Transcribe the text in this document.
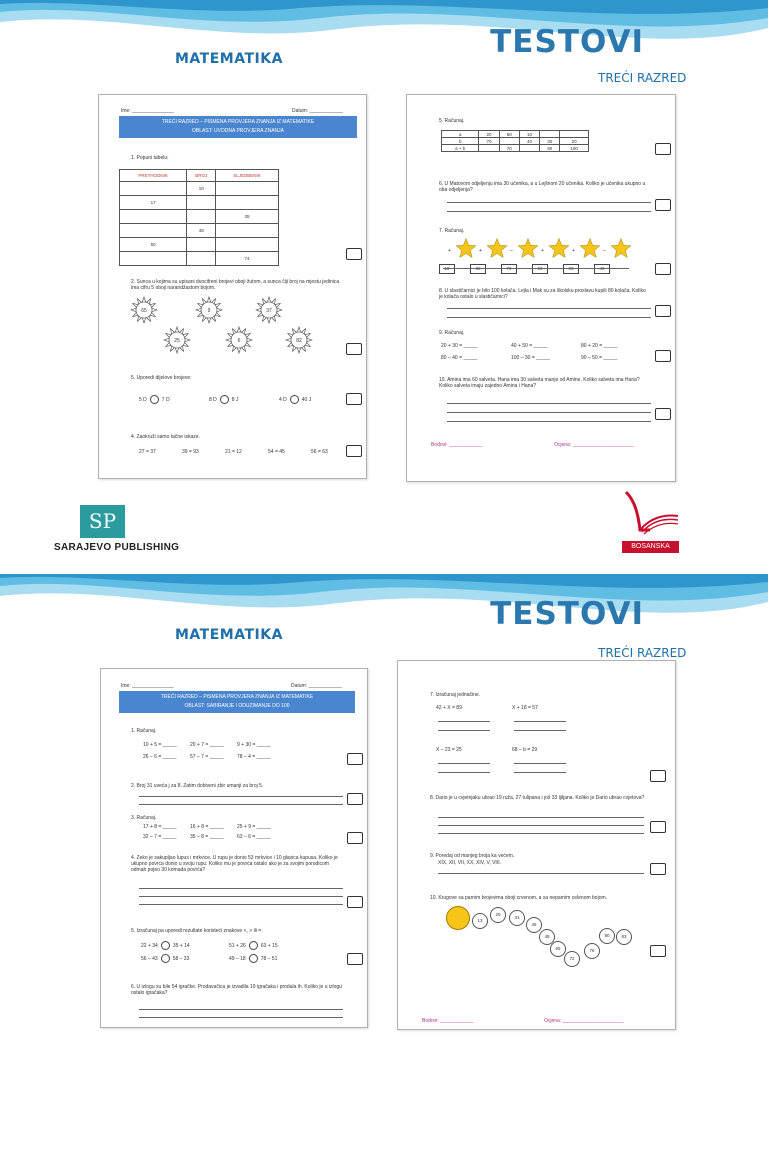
TESTOVI
MATEMATIKA
TREĆI RAZRED
Ime: _______________	Datum: ____________
TREĆI RAZRED – PISMENA PROVJERA ZNANJA IZ MATEMATIKE
OBLAST: UVODNA PROVJERA ZNANJA
1. Popuni tabelu:
PRETHODNIK	BROJ	SLJEDBENIK
	10	
17		
		35
	48	
50		
		74
2. Sunca u kojima su upisani dvocifreni brojevi oboji žutom, a sunca čiji broj na mjestu jedinica ima cifru 5 oboji narandžastom bojom.
65	9	37
25	6	82
5. Uporedi dijelove brojeve:
5 D	7 D	8 D	8 J	4 D	40 J
4. Zaokruži samo tačne iskaze.
27 = 37	39 = 93	21 = 12	54 = 45	56 = 63
5. Računaj.
a	20	50	10		
b	70		40	30	20
a + b		70		80	100
6. U Matovom odjeljenju ima 30 učenika, a u Lejlinom 20 učenika. Koliko je učenika ukupno u oba odjeljenja?
7. Računaj.
+	+	–	+	+	–
10	30	70	50	90	40
8. U slastičarnici je bilo 100 kolača. Lejla i Mak su za školsku proslavu kupili 80 kolača. Koliko je kolača ostalo u slastičarnici?
9. Računaj.
20 + 30 = _____	40 + 50 = _____	80 + 20 = _____
80 – 40 = _____	100 – 30 = _____	90 – 50 = _____
10. Amina ima 60 salveta. Hana ima 30 salveta manje od Amine. Koliko salveta ima Hana? Koliko salveta imaju zajedno Amina i Hana?
Bodovi: ____________	Ocjena: ______________________
SP
SARAJEVO PUBLISHING	BOSANSKA KNJIGA
TESTOVI
MATEMATIKA
TREĆI RAZRED
Ime: _______________	Datum: ____________
TREĆI RAZRED – PISMENA PROVJERA ZNANJA IZ MATEMATIKE
OBLAST: SABIRANJE I ODUZIMANJE DO 100
1. Računaj.
10 + 5 = _____	20 + 7 = _____	9 + 30 = _____
26 – 6 = _____	57 – 7 = _____	78 – 4 = _____
2. Broj 31 uveća j za 8. Zatim dobiveni zbir umanji za broj 5.
3. Računaj.
17 + 8 = _____	16 + 8 = _____	25 + 9 = _____
32 – 7 = _____	35 – 8 = _____	63 – 6 = _____
4. Zeko je sakupljao lupus i mrkvice. U rupu je donio 53 mrkvice i 10 glavica kupusa. Koliko je ukupno povrća donio u svoju rupu. Koliko mu je povrća ostalo ako je za svojim porodicom odmah pojeo 30 komada povrća?
5. Izračunaj pa uporedi rezultate koristeći znakove <, > ili =.
22 + 34	35 + 14	51 + 26	63 + 15
56 – 43	58 – 33	49 – 18	78 – 51
6. U izlogu su bile 54 igračke. Prodavačica je izvadila 19 igračaka i prodala ih. Koliko je u izlogu ostalo igračaka?
7. Izračunaj jednačine.
42 + X = 89	X + 18 = 57
X – 23 = 25	68 – b = 29
8. Dario je u cvjetnjaku ubrao 19 ruža, 27 tulipana i još 33 ljiljana. Koliko je Dario ubrao cvjetova?
9. Poredaj od manjeg broja ka većem.
XIX, XII, VII, XX, XIV, V, VIII.
10. Krugove sa parnim brojevima oboji crvenom, a sa neparnim celenom bojom.
13
20
31
45
48
65
72
76
80	83
Bodovi: ____________	Ocjena: ______________________
